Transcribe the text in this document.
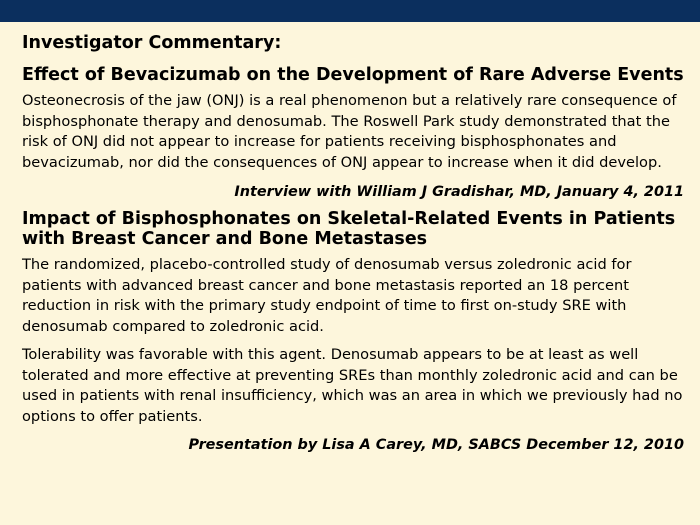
Investigator Commentary:

Effect of Bevacizumab on the Development of Rare Adverse Events

Osteonecrosis of the jaw (ONJ) is a real phenomenon but a relatively rare consequence of bisphosphonate therapy and denosumab. The Roswell Park study demonstrated that the risk of ONJ did not appear to increase for patients receiving bisphosphonates and bevacizumab, nor did the consequences of ONJ appear to increase when it did develop.

Interview with William J Gradishar, MD, January 4, 2011

Impact of Bisphosphonates on Skeletal-Related Events in Patients with Breast Cancer and Bone Metastases

The randomized, placebo-controlled study of denosumab versus zoledronic acid for patients with advanced breast cancer and bone metastasis reported an 18 percent reduction in risk with the primary study endpoint of time to first on-study SRE with denosumab compared to zoledronic acid.

Tolerability was favorable with this agent. Denosumab appears to be at least as well tolerated and more effective at preventing SREs than monthly zoledronic acid and can be used in patients with renal insufficiency, which was an area in which we previously had no options to offer patients.

Presentation by Lisa A Carey, MD, SABCS December 12, 2010
